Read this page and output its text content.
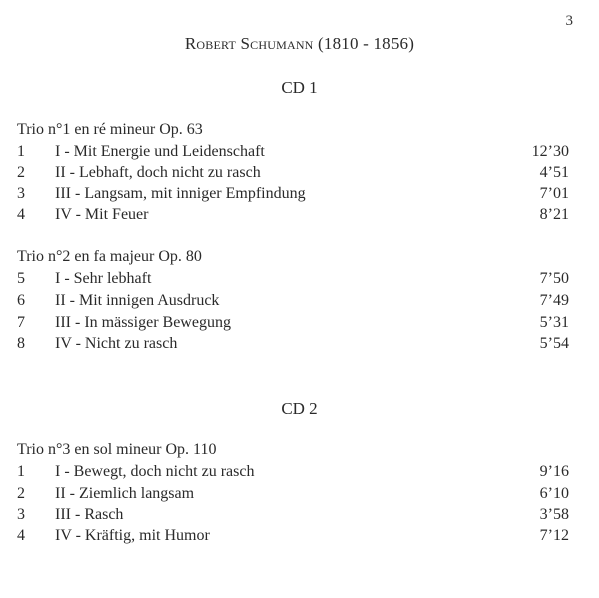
3
Robert Schumann (1810 - 1856)
CD 1
Trio n°1 en ré mineur Op. 63
1 I - Mit Energie und Leidenschaft	12’30
2 II - Lebhaft, doch nicht zu rasch	4’51
3 III - Langsam, mit inniger Empfindung	7’01
4 IV - Mit Feuer	8’21
Trio n°2 en fa majeur Op. 80
5 I - Sehr lebhaft	7’50
6 II - Mit innigen Ausdruck	7’49
7 III - In mässiger Bewegung	5’31
8 IV - Nicht zu rasch	5’54
CD 2
Trio n°3 en sol mineur Op. 110
1 I - Bewegt, doch nicht zu rasch	9’16
2 II - Ziemlich langsam	6’10
3 III - Rasch	3’58
4 IV - Kräftig, mit Humor	7’12
